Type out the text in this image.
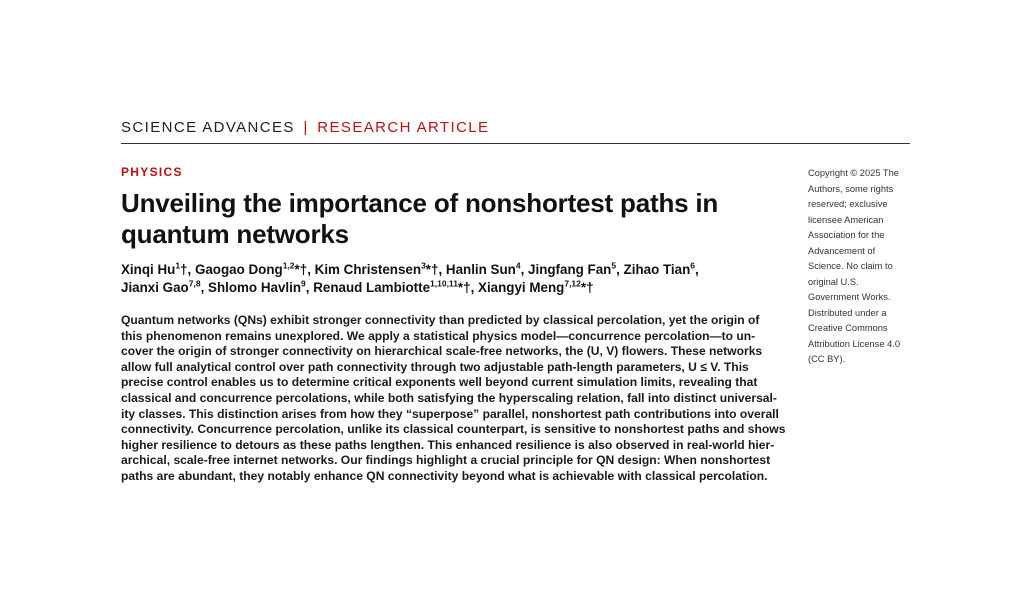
SCIENCE ADVANCES | RESEARCH ARTICLE
PHYSICS
Unveiling the importance of nonshortest paths in
quantum networks
Xinqi Hu$^1$†, Gaogao Dong$^{1,2}$*†, Kim Christensen$^3$*†, Hanlin Sun$^4$, Jingfang Fan$^5$, Zihao Tian$^6$,
Jianxi Gao$^{7,8}$, Shlomo Havlin$^9$, Renaud Lambiotte$^{1,10,11}$*†, Xiangyi Meng$^{7,12}$*†
Quantum networks (QNs) exhibit stronger connectivity than predicted by classical percolation, yet the origin of
this phenomenon remains unexplored. We apply a statistical physics model—concurrence percolation—to un-
cover the origin of stronger connectivity on hierarchical scale-free networks, the (U, V) flowers. These networks
allow full analytical control over path connectivity through two adjustable path-length parameters, U ≤ V. This
precise control enables us to determine critical exponents well beyond current simulation limits, revealing that
classical and concurrence percolations, while both satisfying the hyperscaling relation, fall into distinct universal-
ity classes. This distinction arises from how they “superpose” parallel, nonshortest path contributions into overall
connectivity. Concurrence percolation, unlike its classical counterpart, is sensitive to nonshortest paths and shows
higher resilience to detours as these paths lengthen. This enhanced resilience is also observed in real-world hier-
archical, scale-free internet networks. Our findings highlight a crucial principle for QN design: When nonshortest
paths are abundant, they notably enhance QN connectivity beyond what is achievable with classical percolation.
Copyright © 2025 The
Authors, some rights
reserved; exclusive
licensee American
Association for the
Advancement of
Science. No claim to
original U.S.
Government Works.
Distributed under a
Creative Commons
Attribution License 4.0
(CC BY).
